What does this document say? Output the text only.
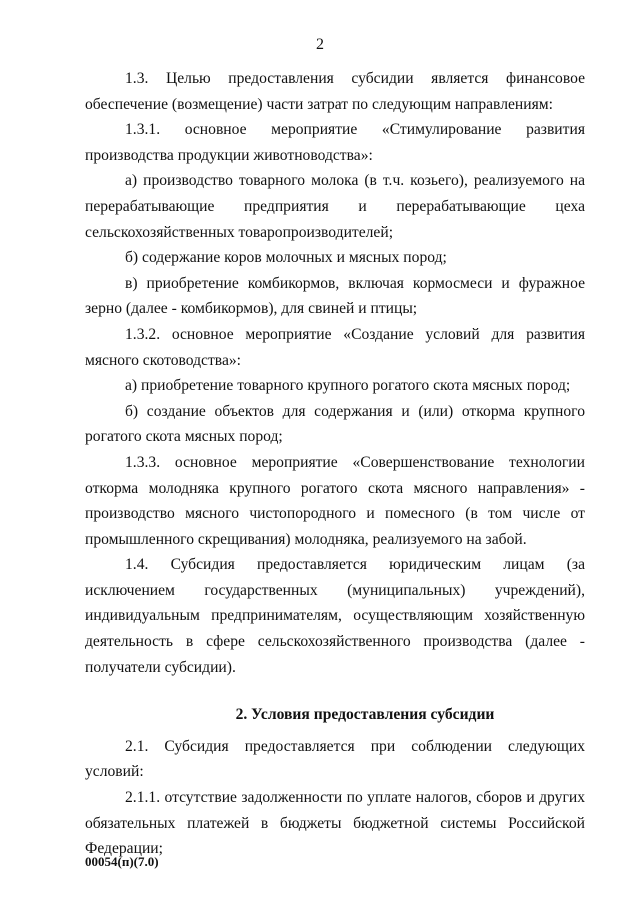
2

1.3. Целью предоставления субсидии является финансовое обеспечение (возмещение) части затрат по следующим направлениям:

1.3.1. основное мероприятие «Стимулирование развития производства продукции животноводства»:

а) производство товарного молока (в т.ч. козьего), реализуемого на перерабатывающие предприятия и перерабатывающие цеха сельскохозяйственных товаропроизводителей;

б) содержание коров молочных и мясных пород;

в) приобретение комбикормов, включая кормосмеси и фуражное зерно (далее - комбикормов), для свиней и птицы;

1.3.2. основное мероприятие «Создание условий для развития мясного скотоводства»:

а) приобретение товарного крупного рогатого скота мясных пород;

б) создание объектов для содержания и (или) откорма крупного рогатого скота мясных пород;

1.3.3. основное мероприятие «Совершенствование технологии откорма молодняка крупного рогатого скота мясного направления» - производство мясного чистопородного и помесного (в том числе от промышленного скрещивания) молодняка, реализуемого на забой.

1.4. Субсидия предоставляется юридическим лицам (за исключением государственных (муниципальных) учреждений), индивидуальным предпринимателям, осуществляющим хозяйственную деятельность в сфере сельскохозяйственного производства (далее - получатели субсидии).

2. Условия предоставления субсидии

2.1. Субсидия предоставляется при соблюдении следующих условий:

2.1.1. отсутствие задолженности по уплате налогов, сборов и других обязательных платежей в бюджеты бюджетной системы Российской Федерации;

00054(п)(7.0)
